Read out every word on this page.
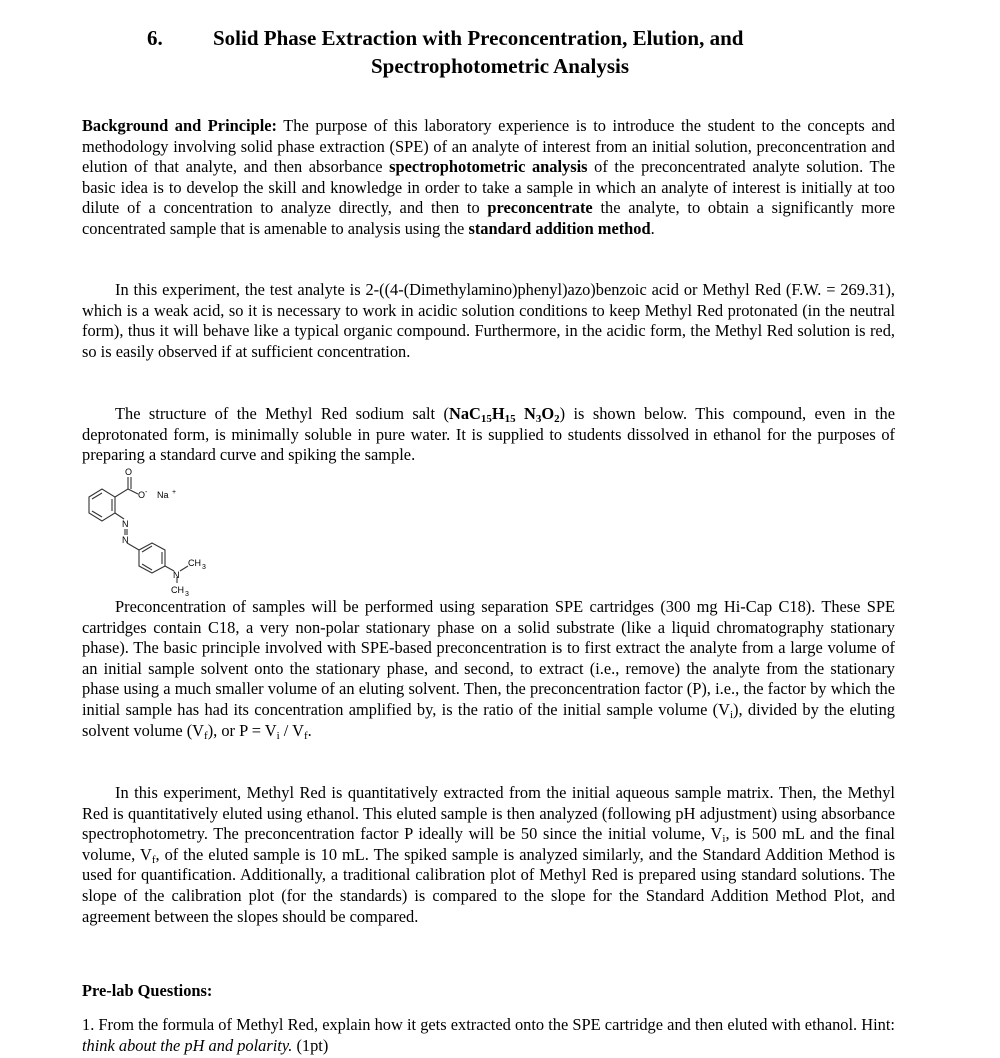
6. Solid Phase Extraction with Preconcentration, Elution, and
Spectrophotometric Analysis

Background and Principle: The purpose of this laboratory experience is to introduce the student to the concepts and methodology involving solid phase extraction (SPE) of an analyte of interest from an initial solution, preconcentration and elution of that analyte, and then absorbance spectrophotometric analysis of the preconcentrated analyte solution. The basic idea is to develop the skill and knowledge in order to take a sample in which an analyte of interest is initially at too dilute of a concentration to analyze directly, and then to preconcentrate the analyte, to obtain a significantly more concentrated sample that is amenable to analysis using the standard addition method.

In this experiment, the test analyte is 2-((4-(Dimethylamino)phenyl)azo)benzoic acid or Methyl Red (F.W. = 269.31), which is a weak acid, so it is necessary to work in acidic solution conditions to keep Methyl Red protonated (in the neutral form), thus it will behave like a typical organic compound. Furthermore, in the acidic form, the Methyl Red solution is red, so is easily observed if at sufficient concentration.

The structure of the Methyl Red sodium salt ($NaC_{15}H_{15}$ $N_3O_2$) is shown below. This compound, even in the deprotonated form, is minimally soluble in pure water. It is supplied to students dissolved in ethanol for the purposes of preparing a standard curve and spiking the sample.

O
O - Na +
N
N
N
CH 3
CH 3

Preconcentration of samples will be performed using separation SPE cartridges (300 mg Hi-Cap C18). These SPE cartridges contain C18, a very non-polar stationary phase on a solid substrate (like a liquid chromatography stationary phase). The basic principle involved with SPE-based preconcentration is to first extract the analyte from a large volume of an initial sample solvent onto the stationary phase, and second, to extract (i.e., remove) the analyte from the stationary phase using a much smaller volume of an eluting solvent. Then, the preconcentration factor (P), i.e., the factor by which the initial sample has had its concentration amplified by, is the ratio of the initial sample volume $(V_i)$, divided by the eluting solvent volume $(V_f)$, or $P = V_i / V_f$.

In this experiment, Methyl Red is quantitatively extracted from the initial aqueous sample matrix. Then, the Methyl Red is quantitatively eluted using ethanol. This eluted sample is then analyzed (following pH adjustment) using absorbance spectrophotometry. The preconcentration factor P ideally will be 50 since the initial volume, $V_i$, is 500 mL and the final volume, $V_f$, of the eluted sample is 10 mL. The spiked sample is analyzed similarly, and the Standard Addition Method is used for quantification. Additionally, a traditional calibration plot of Methyl Red is prepared using standard solutions. The slope of the calibration plot (for the standards) is compared to the slope for the Standard Addition Method Plot, and agreement between the slopes should be compared.

Pre-lab Questions:

1. From the formula of Methyl Red, explain how it gets extracted onto the SPE cartridge and then eluted with ethanol. Hint: think about the pH and polarity. (1pt)
